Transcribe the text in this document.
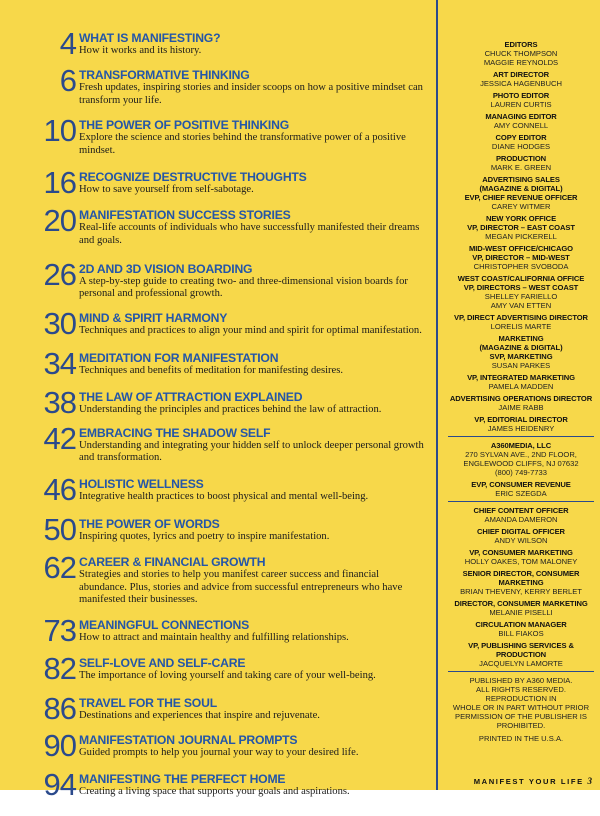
4 WHAT IS MANIFESTING?
How it works and its history.
6 TRANSFORMATIVE THINKING
Fresh updates, inspiring stories and insider scoops on how a positive mindset can transform your life.
10 THE POWER OF POSITIVE THINKING
Explore the science and stories behind the transformative power of a positive mindset.
16 RECOGNIZE DESTRUCTIVE THOUGHTS
How to save yourself from self-sabotage.
20 MANIFESTATION SUCCESS STORIES
Real-life accounts of individuals who have successfully manifested their dreams and goals.
26 2D AND 3D VISION BOARDING
A step-by-step guide to creating two- and three-dimensional vision boards for personal and professional growth.
30 MIND & SPIRIT HARMONY
Techniques and practices to align your mind and spirit for optimal manifestation.
34 MEDITATION FOR MANIFESTATION
Techniques and benefits of meditation for manifesting desires.
38 THE LAW OF ATTRACTION EXPLAINED
Understanding the principles and practices behind the law of attraction.
42 EMBRACING THE SHADOW SELF
Understanding and integrating your hidden self to unlock deeper personal growth and transformation.
46 HOLISTIC WELLNESS
Integrative health practices to boost physical and mental well-being.
50 THE POWER OF WORDS
Inspiring quotes, lyrics and poetry to inspire manifestation.
62 CAREER & FINANCIAL GROWTH
Strategies and stories to help you manifest career success and financial abundance. Plus, stories and advice from successful entrepreneurs who have manifested their businesses.
73 MEANINGFUL CONNECTIONS
How to attract and maintain healthy and fulfilling relationships.
82 SELF-LOVE AND SELF-CARE
The importance of loving yourself and taking care of your well-being.
86 TRAVEL FOR THE SOUL
Destinations and experiences that inspire and rejuvenate.
90 MANIFESTATION JOURNAL PROMPTS
Guided prompts to help you journal your way to your desired life.
94 MANIFESTING THE PERFECT HOME
Creating a living space that supports your goals and aspirations.
EDITORS
CHUCK THOMPSON
MAGGIE REYNOLDS
ART DIRECTOR
JESSICA HAGENBUCH
PHOTO EDITOR
LAUREN CURTIS
MANAGING EDITOR
AMY CONNELL
COPY EDITOR
DIANE HODGES
PRODUCTION
MARK E. GREEN
ADVERTISING SALES
(MAGAZINE & DIGITAL)
EVP, CHIEF REVENUE OFFICER
CAREY WITMER
NEW YORK OFFICE
VP, DIRECTOR – EAST COAST
MEGAN PICKERELL
MID-WEST OFFICE/CHICAGO
VP, DIRECTOR – MID-WEST
CHRISTOPHER SVOBODA
WEST COAST/CALIFORNIA OFFICE
VP, DIRECTORS – WEST COAST
SHELLEY FARIELLO
AMY VAN ETTEN
VP, DIRECT ADVERTISING DIRECTOR
LORELIS MARTE
MARKETING
(MAGAZINE & DIGITAL)
SVP, MARKETING
SUSAN PARKES
VP, INTEGRATED MARKETING
PAMELA MADDEN
ADVERTISING OPERATIONS DIRECTOR
JAIME RABB
VP, EDITORIAL DIRECTOR
JAMES HEIDENRY
A360MEDIA, LLC
270 SYLVAN AVE., 2ND FLOOR,
ENGLEWOOD CLIFFS, NJ 07632
(800) 749-7733
EVP, CONSUMER REVENUE
ERIC SZEGDA
CHIEF CONTENT OFFICER
AMANDA DAMERON
CHIEF DIGITAL OFFICER
ANDY WILSON
VP, CONSUMER MARKETING
HOLLY OAKES, TOM MALONEY
SENIOR DIRECTOR, CONSUMER
MARKETING
BRIAN THEVENY, KERRY BERLET
DIRECTOR, CONSUMER MARKETING
MELANIE PISELLI
CIRCULATION MANAGER
BILL FIAKOS
VP, PUBLISHING SERVICES & PRODUCTION
JACQUELYN LAMORTE
PUBLISHED BY A360 MEDIA.
ALL RIGHTS RESERVED. REPRODUCTION IN
WHOLE OR IN PART WITHOUT PRIOR
PERMISSION OF THE PUBLISHER IS
PROHIBITED.
PRINTED IN THE U.S.A.
MANIFEST YOUR LIFE 3
